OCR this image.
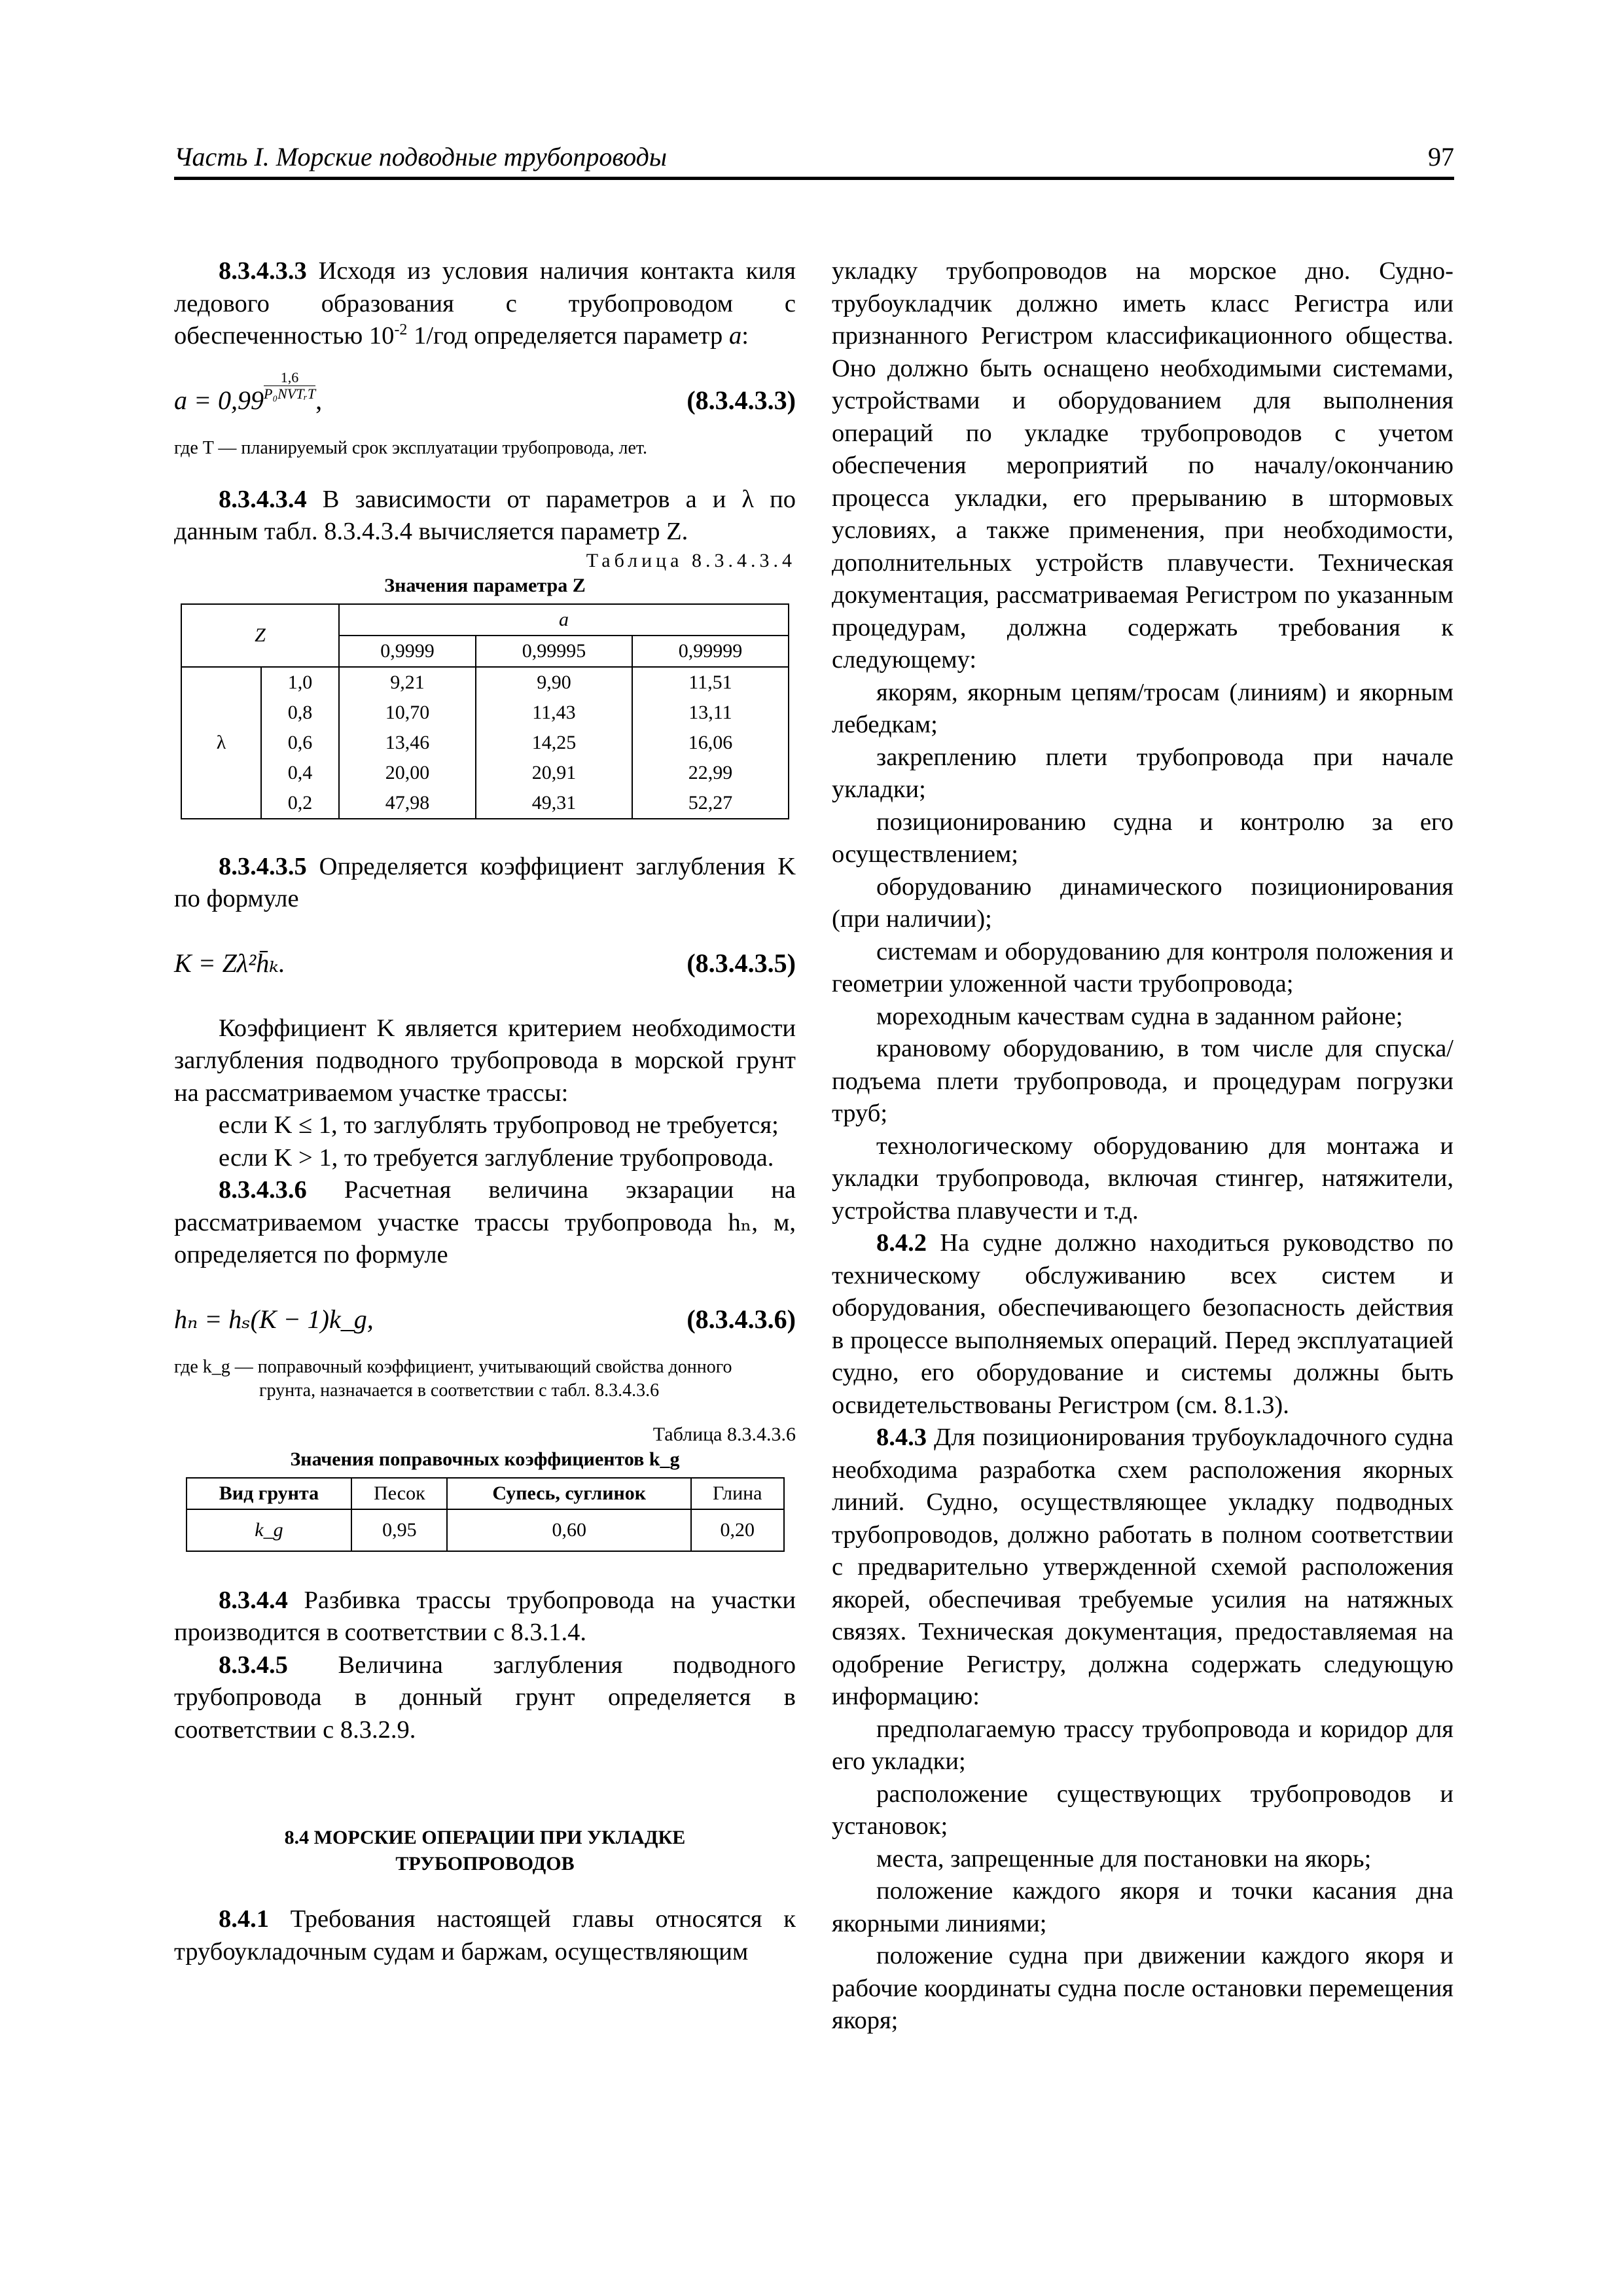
Часть I. Морские подводные трубопроводы	97

8.3.4.3.3 Исходя из условия наличия контакта киля ледового образования с трубопроводом с обеспеченностью $10^{-2}$ 1/год определяется параметр a:

$a = 0,99 \frac{1,6}{\text{P₀NVTᵣT}}$ ,	(8.3.4.3.3)

где T — планируемый срок эксплуатации трубопровода, лет.

8.3.4.3.4 В зависимости от параметров a и λ по данным табл. 8.3.4.3.4 вычисляется параметр Z.

Таблица 8.3.4.3.4

Значения параметра Z

Z		a		
		0,9999	0,99995	0,99999
λ	1,0	9,21	9,90	11,51
	0,8	10,70	11,43	13,11
	0,6	13,46	14,25	16,06
	0,4	20,00	20,91	22,99
	0,2	47,98	49,31	52,27

8.3.4.3.5 Определяется коэффициент заглубления K по формуле

K = Zλ²h̄ₖ.	(8.3.4.3.5)

Коэффициент K является критерием необходимости заглубления подводного трубопровода в морской грунт на рассматриваемом участке трассы:

если K ≤ 1, то заглублять трубопровод не требуется;

если K > 1, то требуется заглубление трубопровода.

8.3.4.3.6 Расчетная величина экзарации на рассматриваемом участке трассы трубопровода hₙ, м, определяется по формуле

hₙ = hₛ(K − 1)k_g,	(8.3.4.3.6)

где k_g — поправочный коэффициент, учитывающий свойства донного

грунта, назначается в соответствии с табл. 8.3.4.3.6

Таблица 8.3.4.3.6

Значения поправочных коэффициентов k_g

Вид грунта	Песок	Супесь, суглинок	Глина
k_g	0,95	0,60	0,20

8.3.4.4 Разбивка трассы трубопровода на участки производится в соответствии с 8.3.1.4.

8.3.4.5 Величина заглубления подводного трубопровода в донный грунт определяется в соответствии с 8.3.2.9.

8.4 МОРСКИЕ ОПЕРАЦИИ ПРИ УКЛАДКЕ

ТРУБОПРОВОДОВ

8.4.1 Требования настоящей главы относятся к трубоукладочным судам и баржам, осуществляющим

укладку трубопроводов на морское дно. Судно-трубоукладчик должно иметь класс Регистра или признанного Регистром классификационного общества. Оно должно быть оснащено необходимыми системами, устройствами и оборудованием для выполнения операций по укладке трубопроводов с учетом обеспечения мероприятий по началу/окончанию процесса укладки, его прерыванию в штормовых условиях, а также применения, при необходимости, дополнительных устройств плавучести. Техническая документация, рассматриваемая Регистром по указанным процедурам, должна содержать требования к следующему:

якорям, якорным цепям/тросам (линиям) и якорным лебедкам;

закреплению плети трубопровода при начале укладки;

позиционированию судна и контролю за его осуществлением;

оборудованию динамического позиционирования (при наличии);

системам и оборудованию для контроля положения и геометрии уложенной части трубопровода;

мореходным качествам судна в заданном районе;

крановому оборудованию, в том числе для спуска/подъема плети трубопровода, и процедурам погрузки труб;

технологическому оборудованию для монтажа и укладки трубопровода, включая стингер, натяжители, устройства плавучести и т.д.

8.4.2 На судне должно находиться руководство по техническому обслуживанию всех систем и оборудования, обеспечивающего безопасность действия в процессе выполняемых операций. Перед эксплуатацией судно, его оборудование и системы должны быть освидетельствованы Регистром (см. 8.1.3).

8.4.3 Для позиционирования трубоукладочного судна необходима разработка схем расположения якорных линий. Судно, осуществляющее укладку подводных трубопроводов, должно работать в полном соответствии с предварительно утвержденной схемой расположения якорей, обеспечивая требуемые усилия на натяжных связях. Техническая документация, предоставляемая на одобрение Регистру, должна содержать следующую информацию:

предполагаемую трассу трубопровода и коридор для его укладки;

расположение существующих трубопроводов и установок;

места, запрещенные для постановки на якорь;

положение каждого якоря и точки касания дна якорными линиями;

положение судна при движении каждого якоря и рабочие координаты судна после остановки перемещения якоря;
